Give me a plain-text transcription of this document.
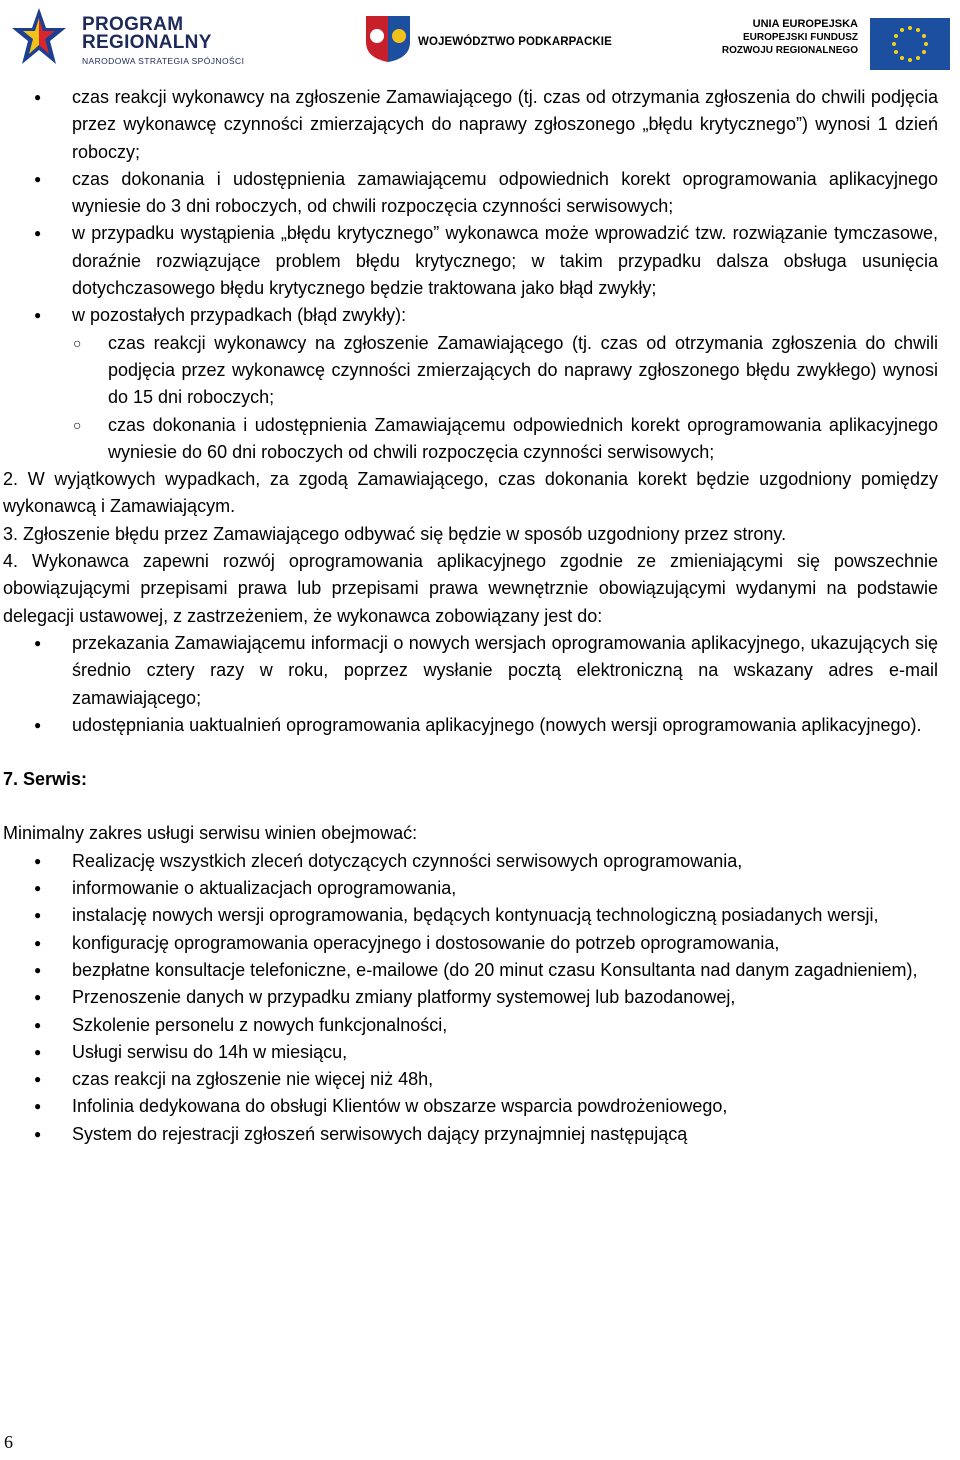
PROGRAM
REGIONALNY
NARODOWA STRATEGIA SPÓJNOŚCI
WOJEWÓDZTWO PODKARPACKIE
UNIA EUROPEJSKA
EUROPEJSKI FUNDUSZ
ROZWOJU REGIONALNEGO
● czas reakcji wykonawcy na zgłoszenie Zamawiającego (tj. czas od otrzymania zgłoszenia do chwili podjęcia przez wykonawcę czynności zmierzających do naprawy zgłoszonego „błędu krytycznego”) wynosi 1 dzień roboczy;
● czas dokonania i udostępnienia zamawiającemu odpowiednich korekt oprogramowania aplikacyjnego wyniesie do 3 dni roboczych, od chwili rozpoczęcia czynności serwisowych;
● w przypadku wystąpienia „błędu krytycznego” wykonawca może wprowadzić tzw. rozwiązanie tymczasowe, doraźnie rozwiązujące problem błędu krytycznego; w takim przypadku dalsza obsługa usunięcia dotychczasowego błędu krytycznego będzie traktowana jako błąd zwykły;
● w pozostałych przypadkach (błąd zwykły):
○ czas reakcji wykonawcy na zgłoszenie Zamawiającego (tj. czas od otrzymania zgłoszenia do chwili podjęcia przez wykonawcę czynności zmierzających do naprawy zgłoszonego błędu zwykłego) wynosi do 15 dni roboczych;
○ czas dokonania i udostępnienia Zamawiającemu odpowiednich korekt oprogramowania aplikacyjnego wyniesie do 60 dni roboczych od chwili rozpoczęcia czynności serwisowych;
2. W wyjątkowych wypadkach, za zgodą Zamawiającego, czas dokonania korekt będzie uzgodniony pomiędzy wykonawcą i Zamawiającym.
3. Zgłoszenie błędu przez Zamawiającego odbywać się będzie w sposób uzgodniony przez strony.
4. Wykonawca zapewni rozwój oprogramowania aplikacyjnego zgodnie ze zmieniającymi się powszechnie obowiązującymi przepisami prawa lub przepisami prawa wewnętrznie obowiązującymi wydanymi na podstawie delegacji ustawowej, z zastrzeżeniem, że wykonawca zobowiązany jest do:
● przekazania Zamawiającemu informacji o nowych wersjach oprogramowania aplikacyjnego, ukazujących się średnio cztery razy w roku, poprzez wysłanie pocztą elektroniczną na wskazany adres e-mail zamawiającego;
● udostępniania uaktualnień oprogramowania aplikacyjnego (nowych wersji oprogramowania aplikacyjnego).
7. Serwis:
Minimalny zakres usługi serwisu winien obejmować:
● Realizację wszystkich zleceń dotyczących czynności serwisowych oprogramowania,
● informowanie o aktualizacjach oprogramowania,
● instalację nowych wersji oprogramowania, będących kontynuacją technologiczną posiadanych wersji,
● konfigurację oprogramowania operacyjnego i dostosowanie do potrzeb oprogramowania,
● bezpłatne konsultacje telefoniczne, e-mailowe (do 20 minut czasu Konsultanta nad danym zagadnieniem),
● Przenoszenie danych w przypadku zmiany platformy systemowej lub bazodanowej,
● Szkolenie personelu z nowych funkcjonalności,
● Usługi serwisu do 14h w miesiącu,
● czas reakcji na zgłoszenie nie więcej niż 48h,
● Infolinia dedykowana do obsługi Klientów w obszarze wsparcia powdrożeniowego,
● System do rejestracji zgłoszeń serwisowych dający przynajmniej następującą
6
